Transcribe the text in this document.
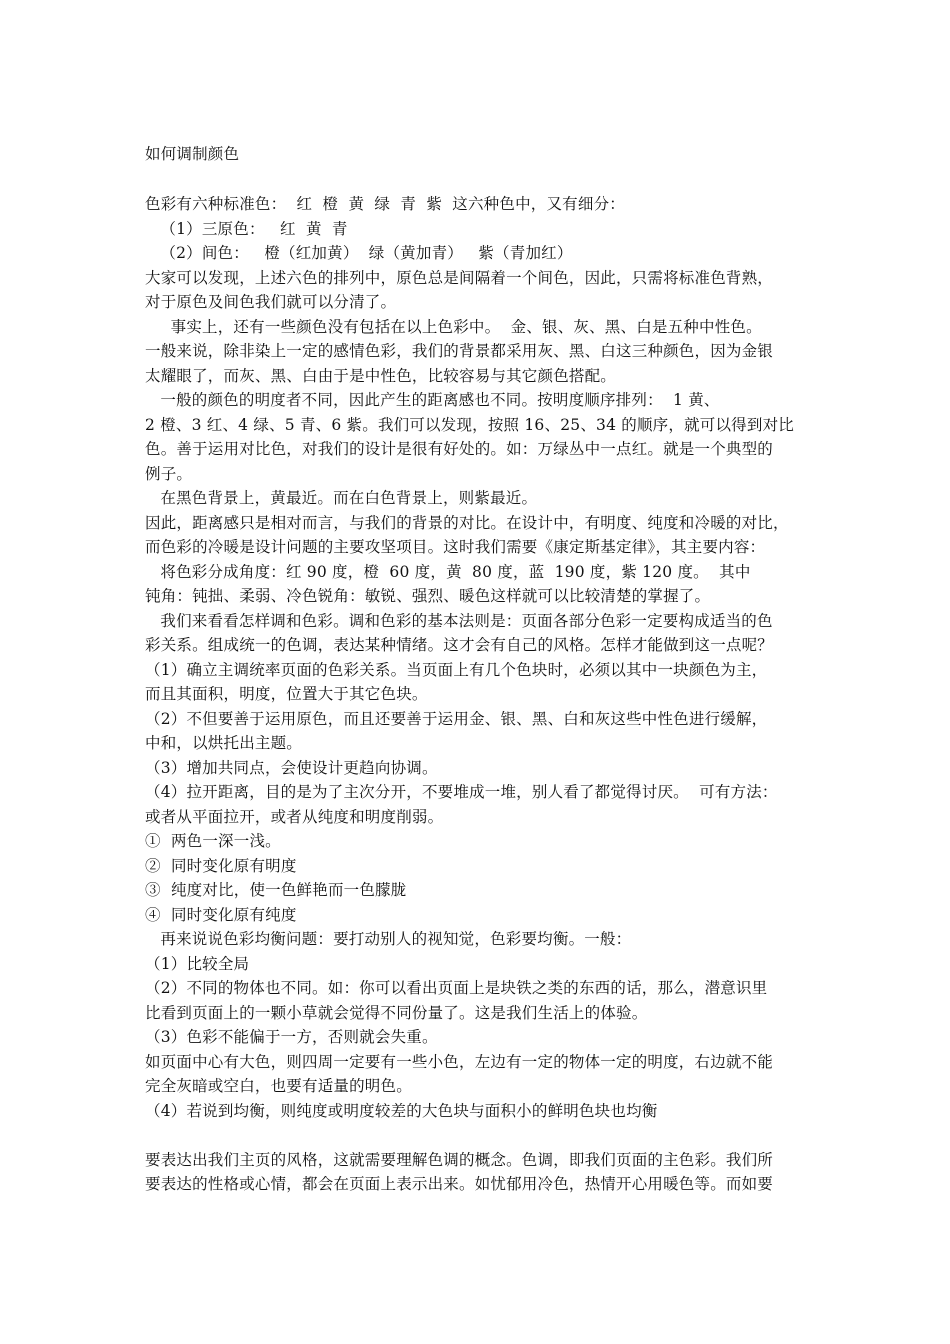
如何调制颜色
色彩有六种标准色：  红  橙  黄  绿  青  紫  这六种色中，又有细分：
（1）三原色：   红  黄  青
（2）间色：   橙（红加黄）  绿（黄加青）   紫（青加红）
大家可以发现，上述六色的排列中，原色总是间隔着一个间色，因此，只需将标准色背熟，
对于原色及间色我们就可以分清了。
事实上，还有一些颜色没有包括在以上色彩中。  金、银、灰、黑、白是五种中性色。
一般来说，除非染上一定的感情色彩，我们的背景都采用灰、黑、白这三种颜色，因为金银
太耀眼了，而灰、黑、白由于是中性色，比较容易与其它颜色搭配。
一般的颜色的明度者不同，因此产生的距离感也不同。按明度顺序排列：  1 黄、
2 橙、3 红、4 绿、5 青、6 紫。我们可以发现，按照 16、25、34 的顺序，就可以得到对比
色。善于运用对比色，对我们的设计是很有好处的。如：万绿丛中一点红。就是一个典型的
例子。
在黑色背景上，黄最近。而在白色背景上，则紫最近。
因此，距离感只是相对而言，与我们的背景的对比。在设计中，有明度、纯度和冷暖的对比，
而色彩的冷暖是设计问题的主要攻坚项目。这时我们需要《康定斯基定律》，其主要内容：
将色彩分成角度：红 90 度，橙  60 度，黄  80 度，蓝  190 度，紫 120 度。  其中
钝角：钝拙、柔弱、冷色锐角：敏锐、强烈、暖色这样就可以比较清楚的掌握了。
我们来看看怎样调和色彩。调和色彩的基本法则是：页面各部分色彩一定要构成适当的色
彩关系。组成统一的色调，表达某种情绪。这才会有自己的风格。怎样才能做到这一点呢？
（1）确立主调统率页面的色彩关系。当页面上有几个色块时，必须以其中一块颜色为主，
而且其面积，明度，位置大于其它色块。
（2）不但要善于运用原色，而且还要善于运用金、银、黑、白和灰这些中性色进行缓解，
中和，以烘托出主题。
（3）增加共同点，会使设计更趋向协调。
（4）拉开距离，目的是为了主次分开，不要堆成一堆，别人看了都觉得讨厌。  可有方法：
或者从平面拉开，或者从纯度和明度削弱。
①  两色一深一浅。
②  同时变化原有明度
③  纯度对比，使一色鲜艳而一色朦胧
④  同时变化原有纯度
再来说说色彩均衡问题：要打动别人的视知觉，色彩要均衡。一般：
（1）比较全局
（2）不同的物体也不同。如：你可以看出页面上是块铁之类的东西的话，那么，潜意识里
比看到页面上的一颗小草就会觉得不同份量了。这是我们生活上的体验。
（3）色彩不能偏于一方，否则就会失重。
如页面中心有大色，则四周一定要有一些小色，左边有一定的物体一定的明度，右边就不能
完全灰暗或空白，也要有适量的明色。
（4）若说到均衡，则纯度或明度较差的大色块与面积小的鲜明色块也均衡
要表达出我们主页的风格，这就需要理解色调的概念。色调，即我们页面的主色彩。我们所
要表达的性格或心情，都会在页面上表示出来。如忧郁用冷色，热情开心用暖色等。而如要
